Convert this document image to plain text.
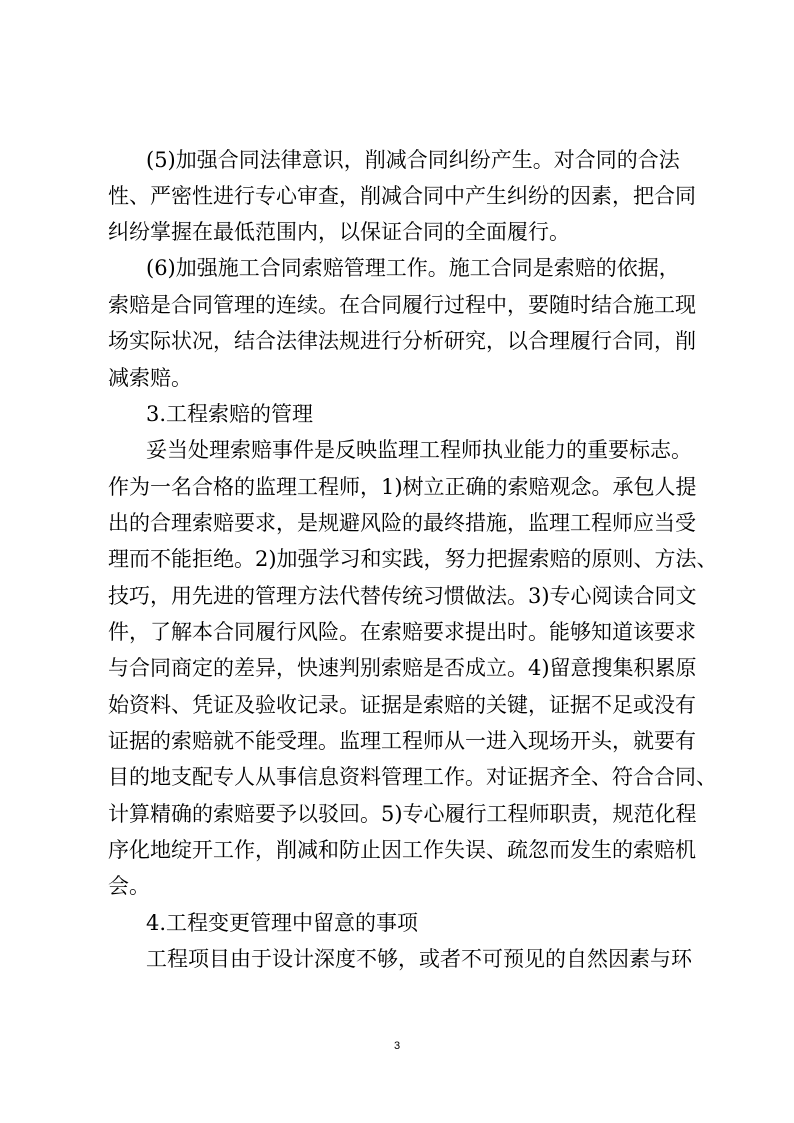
(5)加强合同法律意识，削减合同纠纷产生。对合同的合法
性、严密性进行专心审查，削减合同中产生纠纷的因素，把合同
纠纷掌握在最低范围内，以保证合同的全面履行。
(6)加强施工合同索赔管理工作。施工合同是索赔的依据，
索赔是合同管理的连续。在合同履行过程中，要随时结合施工现
场实际状况，结合法律法规进行分析研究，以合理履行合同，削
减索赔。
3.工程索赔的管理
妥当处理索赔事件是反映监理工程师执业能力的重要标志。
作为一名合格的监理工程师，1)树立正确的索赔观念。承包人提
出的合理索赔要求，是规避风险的最终措施，监理工程师应当受
理而不能拒绝。2)加强学习和实践，努力把握索赔的原则、方法、
技巧，用先进的管理方法代替传统习惯做法。3)专心阅读合同文
件，了解本合同履行风险。在索赔要求提出时。能够知道该要求
与合同商定的差异，快速判别索赔是否成立。4)留意搜集积累原
始资料、凭证及验收记录。证据是索赔的关键，证据不足或没有
证据的索赔就不能受理。监理工程师从一进入现场开头，就要有
目的地支配专人从事信息资料管理工作。对证据齐全、符合合同、
计算精确的索赔要予以驳回。5)专心履行工程师职责，规范化程
序化地绽开工作，削减和防止因工作失误、疏忽而发生的索赔机
会。
4.工程变更管理中留意的事项
工程项目由于设计深度不够，或者不可预见的自然因素与环
3
